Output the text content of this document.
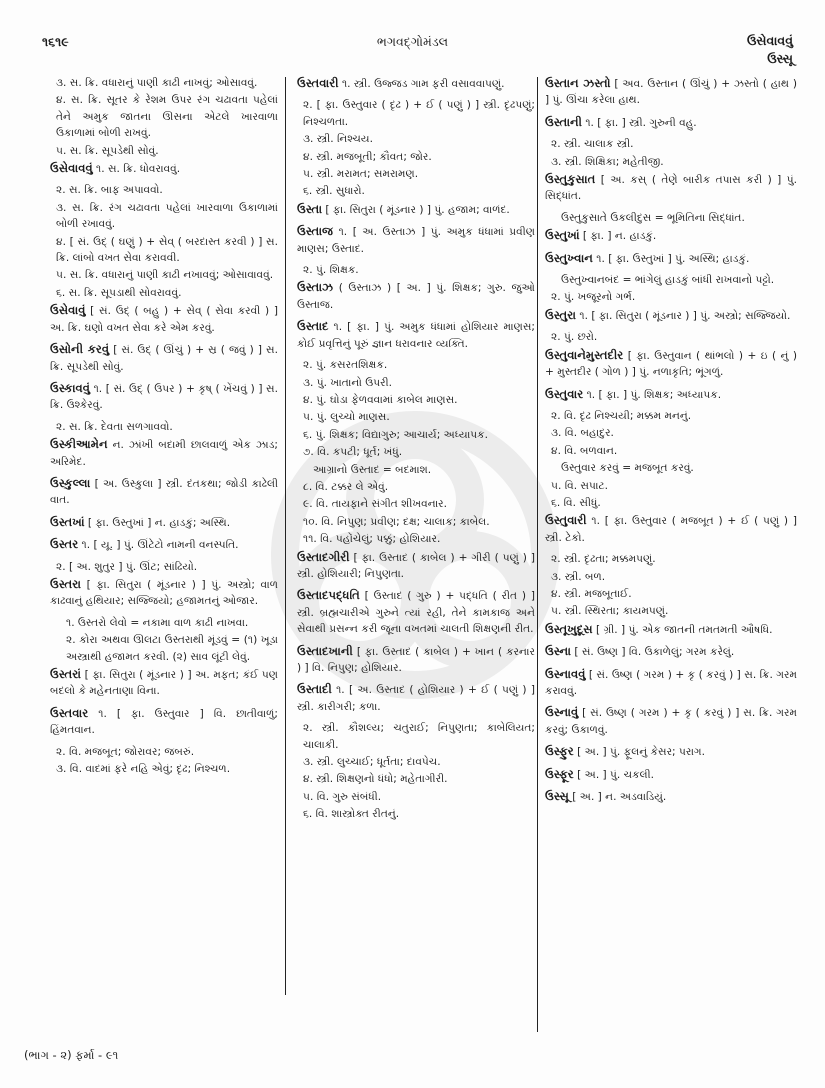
૧૬૧૯	ભગવદ્ગોમંડલ	ઉસેવાવવું
ઉસ્સૂ
૩. સ. ક્રિ. વધારાનું પાણી કાઢી નાખવું; ઓસાવવું.
૪. સ. ક્રિ. સૂતર કે રેશમ ઉપર રંગ ચઢાવતા પહેલાં તેને અમુક જાતના ઊસના એટલે ખારવાળા ઉકાળામાં બોળી રાખવું.
૫. સ. ક્રિ. સૂપડેથી સોવું.
ઉસેવાવવું ૧. સ. ક્રિ. ધોવરાવવું.
૨. સ. ક્રિ. બાફ અપાવવો.
૩. સ. ક્રિ. રંગ ચઢાવતા પહેલાં ખારવાળા ઉકાળામાં બોળી રખાવવું.
૪. [ સં. ઉદ્ ( ઘણું ) + સેવ્ ( બરદાસ્ત કરવી ) ] સ. ક્રિ. લાંબો વખત સેવા કરાવવી.
૫. સ. ક્રિ. વધારાનું પાણી કાઢી નખાવવું; ઓસાવાવવું.
૬. સ. ક્રિ. સૂપડાથી સોવરાવવું.
ઉસેવાવું [ સં. ઉદ્ ( બહુ ) + સેવ્ ( સેવા કરવી ) ] અ. ક્રિ. ઘણો વખત સેવા કરે એમ કરવું.
ઉસોની કરવું [ સં. ઉદ્ ( ઊંચું ) + સ્ર ( જવું ) ] સ. ક્રિ. સૂપડેથી સોવું.
ઉસ્કાવવું ૧. [ સં. ઉદ્ ( ઉપર ) + કૃષ્ ( ખેંચવું ) ] સ. ક્રિ. ઉશ્કેરવું.
૨. સ. ક્રિ. દેવતા સળગાવવો.
ઉસ્કીઆમેન ન. ઝાંખી બદામી છાલવાળું એક ઝાડ; અરિમેદ.
ઉસ્કુલ્લા [ અ. ઉસ્કુલા ] સ્ત્રી. દંતકથા; જોડી કાઢેલી વાત.
ઉસ્તખાં [ ફા. ઉસ્તુખાં ] ન. હાડકું; અસ્થિ.
ઉસ્તર ૧. [ યૂ. ] પું. ઊંટેટો નામની વનસ્પતિ.
૨. [ અ. શુતુર ] પું. ઊંટ; સાંઢિયો.
ઉસ્તરા [ ફા. સિતુરા ( મૂંડનાર ) ] પું. અસ્ત્રો; વાળ કાઢવાનું હથિયાર; સજ્જિયો; હજામતનું ઓજાર.
૧. ઉસ્તરો લેવો = નકામા વાળ કાઢી નાખવા.
૨. કોરા અથવા ઊલટા ઉસ્તરાથી મૂંડવું = (૧) ખૂડા અસ્ત્રાથી હજામત કરવી. (૨) સાવ લૂંટી લેવું.
ઉસ્તરાં [ ફા. સિતુરા ( મૂંડનાર ) ] અ. મફત; કંઈ પણ બદલો કે મહેનતાણા વિના.
ઉસ્તવાર ૧. [ ફા. ઉસ્તુવાર ] વિ. છાતીવાળું; હિંમતવાન.
૨. વિ. મજબૂત; જોરાવર; જબરું.
૩. વિ. વાદમાં ફરે નહિ એવું; દૃઢ; નિશ્ચળ.
ઉસ્તવારી ૧. સ્ત્રી. ઉજ્જડ ગામ ફરી વસાવવાપણું.
૨. [ ફા. ઉસ્તુવાર ( દૃઢ ) + ઈ ( પણું ) ] સ્ત્રી. દૃઢપણું; નિશ્ચળતા.
૩. સ્ત્રી. નિશ્ચય.
૪. સ્ત્રી. મજબૂતી; કૌવત; જોર.
૫. સ્ત્રી. મરામત; સમરામણ.
૬. સ્ત્રી. સુધારો.
ઉસ્તા [ ફા. સિતુરા ( મૂંડનાર ) ] પું. હજામ; વાળંદ.
ઉસ્તાજ ૧. [ અ. ઉસ્તાઝ ] પું. અમુક ધંધામાં પ્રવીણ માણસ; ઉસ્તાદ.
૨. પું. શિક્ષક.
ઉસ્તાઝ ( ઉસ્તાઝ ) [ અ. ] પું. શિક્ષક; ગુરુ. જુઓ ઉસ્તાજ.
ઉસ્તાદ ૧. [ ફા. ] પું. અમુક ધંધામાં હોશિયાર માણસ; કોઈ પ્રવૃત્તિનું પૂરું જ્ઞાન ધરાવનાર વ્યક્તિ.
૨. પું. કસરતશિક્ષક.
૩. પું. ખાતાનો ઉપરી.
૪. પું. ઘોડા ફેળવવામાં કાબેલ માણસ.
૫. પું. લુચ્ચો માણસ.
૬. પું. શિક્ષક; વિદ્યાગુરુ; આચાર્ય; અધ્યાપક.
૭. વિ. કપટી; ધૂર્ત; ખંધું.
આગ્રાનો ઉસ્તાદ = બદમાશ.
૮. વિ. ટક્કર લે એવું.
૯. વિ. તાયફાને સંગીત શીખવનાર.
૧૦. વિ. નિપુણ; પ્રવીણ; દક્ષ; ચાલાક; કાબેલ.
૧૧. વિ. પહોંચેલું; પક્કું; હોશિયાર.
ઉસ્તાદગીરી [ ફા. ઉસ્તાદ ( કાબેલ ) + ગીરી ( પણું ) ] સ્ત્રી. હોશિયારી; નિપુણતા.
ઉસ્તાદપદ્ધતિ [ ઉસ્તાદ ( ગુરુ ) + પદ્ધતિ ( રીત ) ] સ્ત્રી. બ્રહ્મચારીએ ગુરુને ત્યાં રહી, તેને કામકાજ અને સેવાથી પ્રસન્ન કરી જૂના વખતમાં ચાલતી શિક્ષણની રીત.
ઉસ્તાદખાની [ ફા. ઉસ્તાદ ( કાબેલ ) + ખાન ( કરનાર ) ] વિ. નિપુણ; હોશિયાર.
ઉસ્તાદી ૧. [ અ. ઉસ્તાદ ( હોશિયાર ) + ઈ ( પણું ) ] સ્ત્રી. કારીગરી; કળા.
૨. સ્ત્રી. કૌશલ્ય; ચતુરાઈ; નિપુણતા; કાબેલિયત; ચાલાકી.
૩. સ્ત્રી. લુચ્ચાઈ; ધૂર્તતા; દાવપેચ.
૪. સ્ત્રી. શિક્ષણનો ધંધો; મહેતાગીરી.
૫. વિ. ગુરુ સંબંધી.
૬. વિ. શાસ્ત્રોક્ત રીતનું.
ઉસ્તાન ઝસ્તો [ અવ. ઉસ્તાન ( ઊંચું ) + ઝસ્તો ( હાથ ) ] પું. ઊંચા કરેલા હાથ.
ઉસ્તાની ૧. [ ફા. ] સ્ત્રી. ગુરુની વહુ.
૨. સ્ત્રી. ચાલાક સ્ત્રી.
૩. સ્ત્રી. શિક્ષિકા; મહેતીજી.
ઉસ્તુકુસાત [ અ. કસ્ ( તેણે બારીક તપાસ કરી ) ] પું. સિદ્ધાંત.
ઉસ્તુકુસાતે ઉકલીદુસ = ભૂમિતિના સિદ્ધાંત.
ઉસ્તુખાં [ ફા. ] ન. હાડકું.
ઉસ્તુખ્વાન ૧. [ ફા. ઉસ્તુખાં ] પું. અસ્થિ; હાડકું.
ઉસ્તુખ્વાનબંદ = ભાંગેલું હાડકું બાંધી રાખવાનો પટ્ટો.
૨. પું. ખજૂરનો ગર્ભ.
ઉસ્તુરા ૧. [ ફા. સિતુરા ( મૂંડનાર ) ] પું. અસ્ત્રો; સજ્જિયો.
૨. પું. છરો.
ઉસ્તુવાનેમુસ્તદીર [ ફા. ઉસ્તુવાન ( થાંભલો ) + ઇ ( નું ) + મુસ્તદીર ( ગોળ ) ] પું. નળાકૃતિ; ભૂંગળું.
ઉસ્તુવાર ૧. [ ફા. ] પું. શિક્ષક; અધ્યાપક.
૨. વિ. દૃઢ નિશ્ચયી; મક્કમ મનનું.
૩. વિ. બહાદુર.
૪. વિ. બળવાન.
ઉસ્તુવાર કરવું = મજબૂત કરવું.
૫. વિ. સપાટ.
૬. વિ. સીધું.
ઉસ્તુવારી ૧. [ ફા. ઉસ્તુવાર ( મજબૂત ) + ઈ ( પણું ) ] સ્ત્રી. ટેકો.
૨. સ્ત્રી. દૃઢતા; મક્કમપણું.
૩. સ્ત્રી. બળ.
૪. સ્ત્રી. મજબૂતાઈ.
૫. સ્ત્રી. સ્થિરતા; કાયમપણું.
ઉસ્તૂખુદૂસ [ ગ્રી. ] પું. એક જાતની તમતમતી ઔષધિ.
ઉસ્ના [ સં. ઉષ્ણ ] વિ. ઉકાળેલું; ગરમ કરેલું.
ઉસ્નાવવું [ સં. ઉષ્ણ ( ગરમ ) + કૃ ( કરવું ) ] સ. ક્રિ. ગરમ કરાવવું.
ઉસ્નાવું [ સં. ઉષ્ણ ( ગરમ ) + કૃ ( કરવું ) ] સ. ક્રિ. ગરમ કરવું; ઉકાળવું.
ઉસ્ફુર [ અ. ] પું. ફૂલનું કેસર; પરાગ.
ઉસ્ફૂર [ અ. ] પું. ચકલી.
ઉસ્સૂ [ અ. ] ન. અડવાડિયું.
(ભાગ - ૨) ફર્મા - ૯૧
